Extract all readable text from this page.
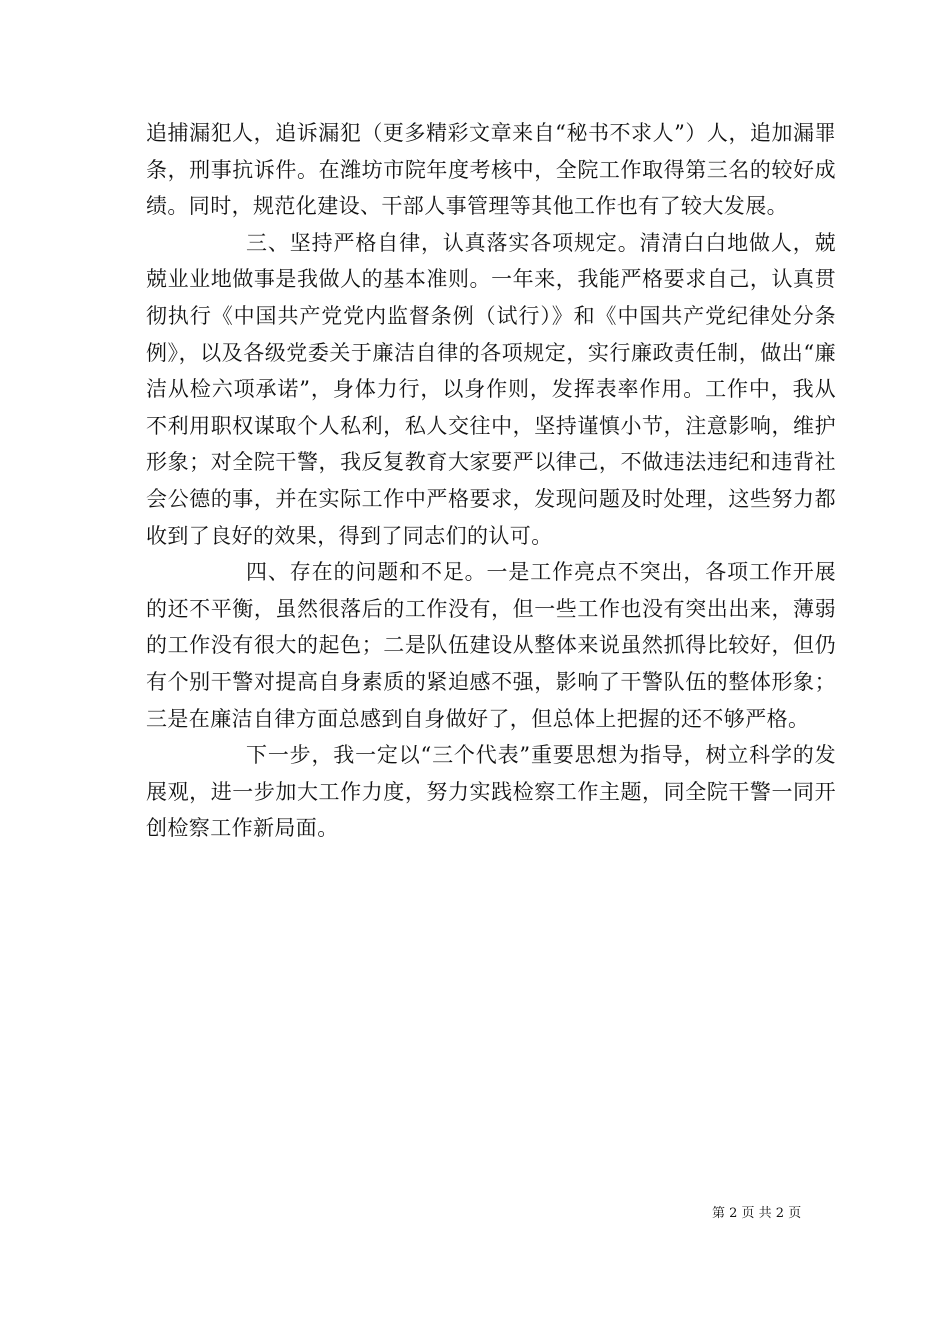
追捕漏犯人，追诉漏犯（更多精彩文章来自“秘书不求人”）人，追加漏罪条，刑事抗诉件。在潍坊市院年度考核中，全院工作取得第三名的较好成绩。同时，规范化建设、干部人事管理等其他工作也有了较大发展。

三、坚持严格自律，认真落实各项规定。清清白白地做人，兢兢业业地做事是我做人的基本准则。一年来，我能严格要求自己，认真贯彻执行《中国共产党党内监督条例（试行）》和《中国共产党纪律处分条例》，以及各级党委关于廉洁自律的各项规定，实行廉政责任制，做出“廉洁从检六项承诺”，身体力行，以身作则，发挥表率作用。工作中，我从不利用职权谋取个人私利，私人交往中，坚持谨慎小节，注意影响，维护形象；对全院干警，我反复教育大家要严以律己，不做违法违纪和违背社会公德的事，并在实际工作中严格要求，发现问题及时处理，这些努力都收到了良好的效果，得到了同志们的认可。

四、存在的问题和不足。一是工作亮点不突出，各项工作开展的还不平衡，虽然很落后的工作没有，但一些工作也没有突出出来，薄弱的工作没有很大的起色；二是队伍建设从整体来说虽然抓得比较好，但仍有个别干警对提高自身素质的紧迫感不强，影响了干警队伍的整体形象；三是在廉洁自律方面总感到自身做好了，但总体上把握的还不够严格。

下一步，我一定以“三个代表”重要思想为指导，树立科学的发展观，进一步加大工作力度，努力实践检察工作主题，同全院干警一同开创检察工作新局面。

第 2 页 共 2 页
